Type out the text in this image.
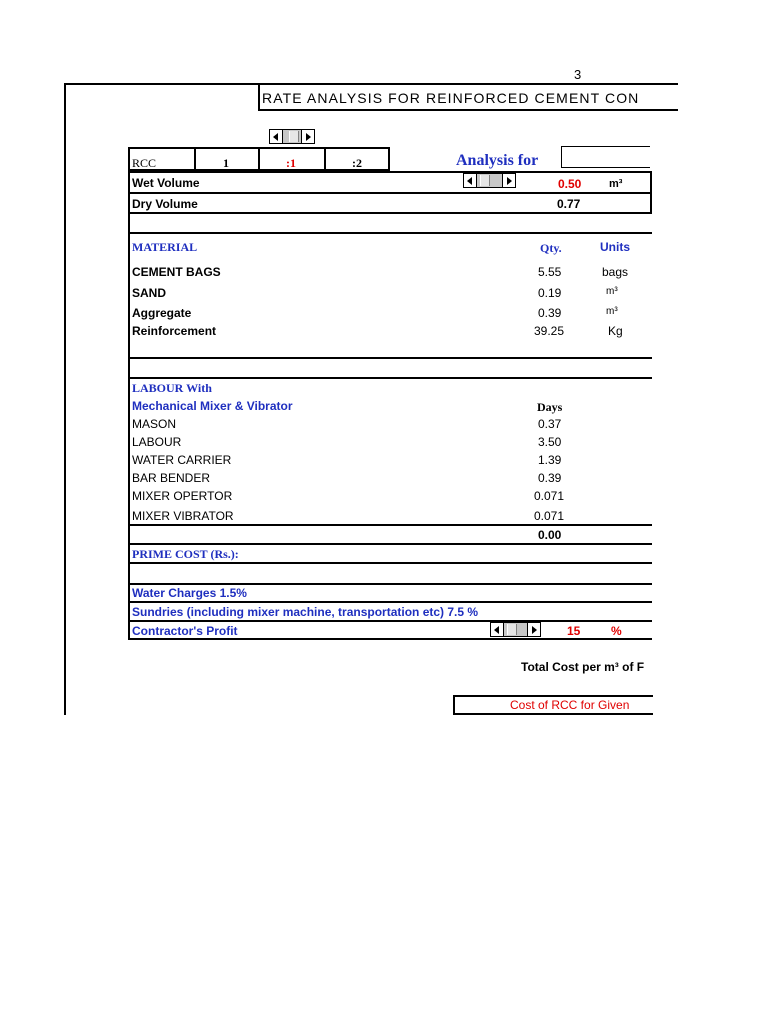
3
RATE ANALYSIS FOR REINFORCED CEMENT CON
RCC	1	:1	:2	Analysis for
Wet Volume	0.50	m³
Dry Volume	0.77
MATERIAL	Qty.	Units
CEMENT BAGS	5.55	bags
SAND	0.19	m³
Aggregate	0.39	m³
Reinforcement	39.25	Kg
LABOUR With
Mechanical Mixer & Vibrator	Days
MASON	0.37
LABOUR	3.50
WATER CARRIER	1.39
BAR BENDER	0.39
MIXER OPERTOR	0.071
MIXER VIBRATOR	0.071
0.00
PRIME COST (Rs.):
Water Charges 1.5%
Sundries (including mixer machine, transportation etc) 7.5 %
Contractor's Profit	15	%
Total Cost per m³ of F
Cost of RCC for Given
